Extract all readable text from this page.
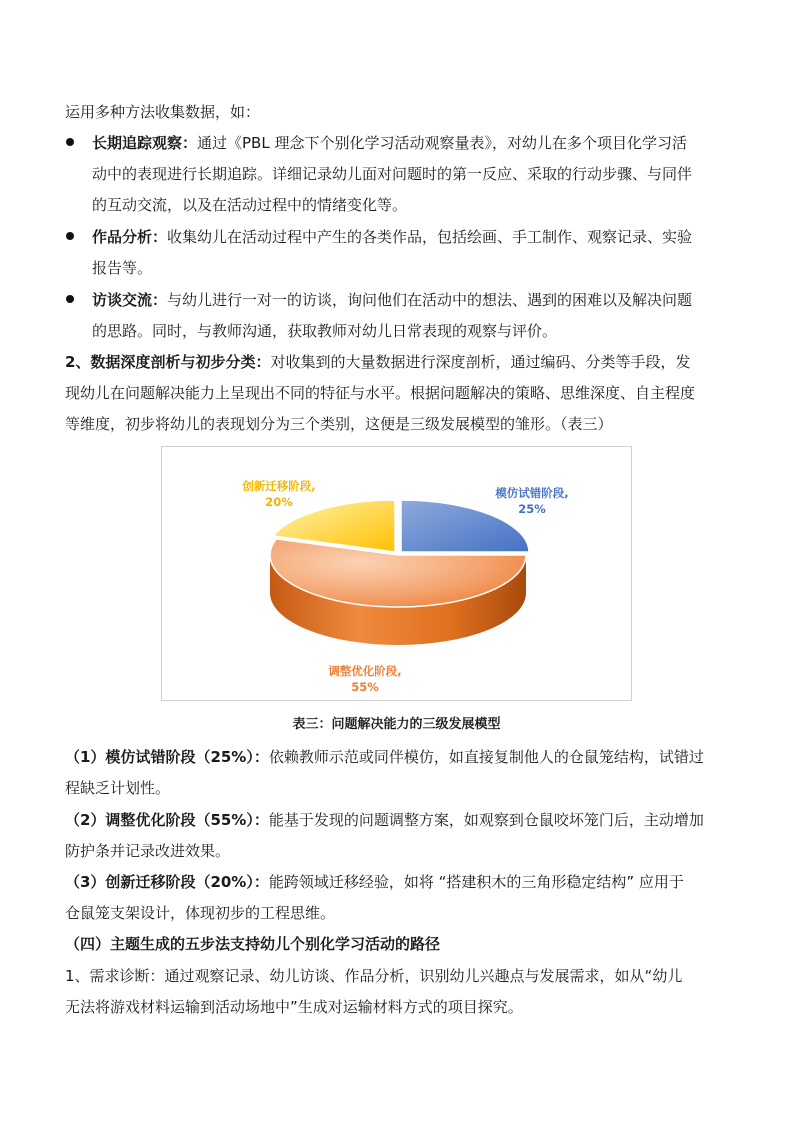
运用多种方法收集数据，如：
长期追踪观察：通过《PBL 理念下个别化学习活动观察量表》，对幼儿在多个项目化学习活
动中的表现进行长期追踪。详细记录幼儿面对问题时的第一反应、采取的行动步骤、与同伴
的互动交流，以及在活动过程中的情绪变化等。
作品分析：收集幼儿在活动过程中产生的各类作品，包括绘画、手工制作、观察记录、实验
报告等。
访谈交流：与幼儿进行一对一的访谈，询问他们在活动中的想法、遇到的困难以及解决问题
的思路。同时，与教师沟通，获取教师对幼儿日常表现的观察与评价。
2、数据深度剖析与初步分类：对收集到的大量数据进行深度剖析，通过编码、分类等手段，发
现幼儿在问题解决能力上呈现出不同的特征与水平。根据问题解决的策略、思维深度、自主程度
等维度，初步将幼儿的表现划分为三个类别，这便是三级发展模型的雏形。（表三）
模仿试错阶段,
25%
创新迁移阶段,
20%
调整优化阶段,
55%
表三：问题解决能力的三级发展模型
（1）模仿试错阶段（25%）：依赖教师示范或同伴模仿，如直接复制他人的仓鼠笼结构，试错过
程缺乏计划性。
（2）调整优化阶段（55%）：能基于发现的问题调整方案，如观察到仓鼠咬坏笼门后，主动增加
防护条并记录改进效果。
（3）创新迁移阶段（20%）：能跨领域迁移经验，如将 “搭建积木的三角形稳定结构” 应用于
仓鼠笼支架设计，体现初步的工程思维。
（四）主题生成的五步法支持幼儿个别化学习活动的路径
1、需求诊断：通过观察记录、幼儿访谈、作品分析，识别幼儿兴趣点与发展需求，如从“幼儿
无法将游戏材料运输到活动场地中”生成对运输材料方式的项目探究。
